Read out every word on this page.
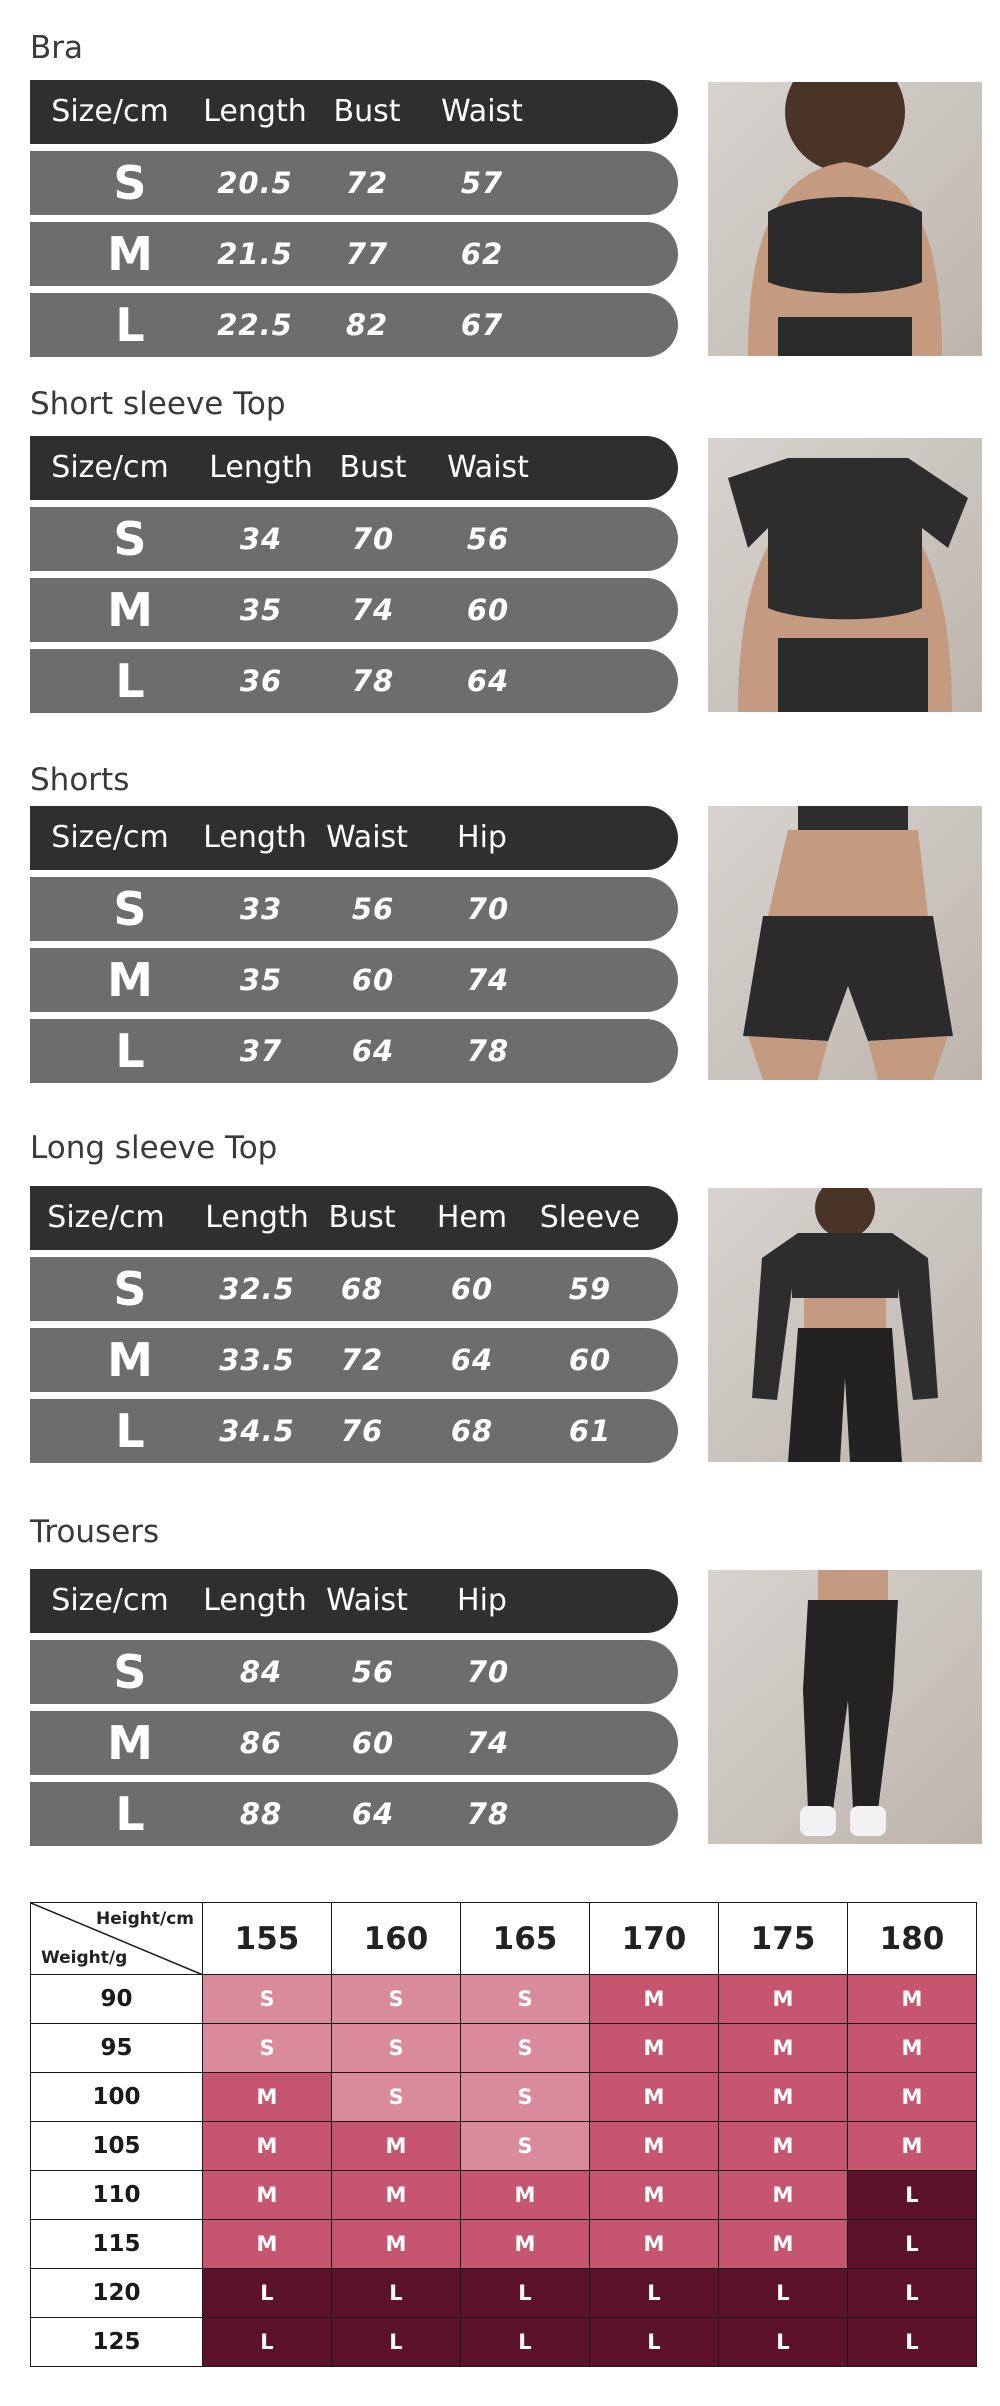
Bra
Size/cm Length Bust	Waist
S	20.5	72	57
M	21.5	77	62
L	22.5	82	67
Short sleeve Top
Size/cm Length Bust	Waist
S	34	70	56
M	35	74	60
L	36	78	64
Shorts
Size/cm Length Waist	Hip
S	33	56	70
M	35	60	74
L	37	64	78
Long sleeve Top
Size/cm Length Bust	Hem	Sleeve
S	32.5	68	60	59
M	33.5	72	64	60
L	34.5	76	68	61
Trousers
Size/cm Length Waist	Hip
S	84	56	70
M	86	60	74
L	88	64	78
Height/cm
Weight/g	155	160	165	170	175	180
90	S	S	S	M	M	M
95	S	S	S	M	M	M
100	M	S	S	M	M	M
105	M	M	S	M	M	M
110	M	M	M	M	M	L
115	M	M	M	M	M	L
120	L	L	L	L	L	L
125	L	L	L	L	L	L
